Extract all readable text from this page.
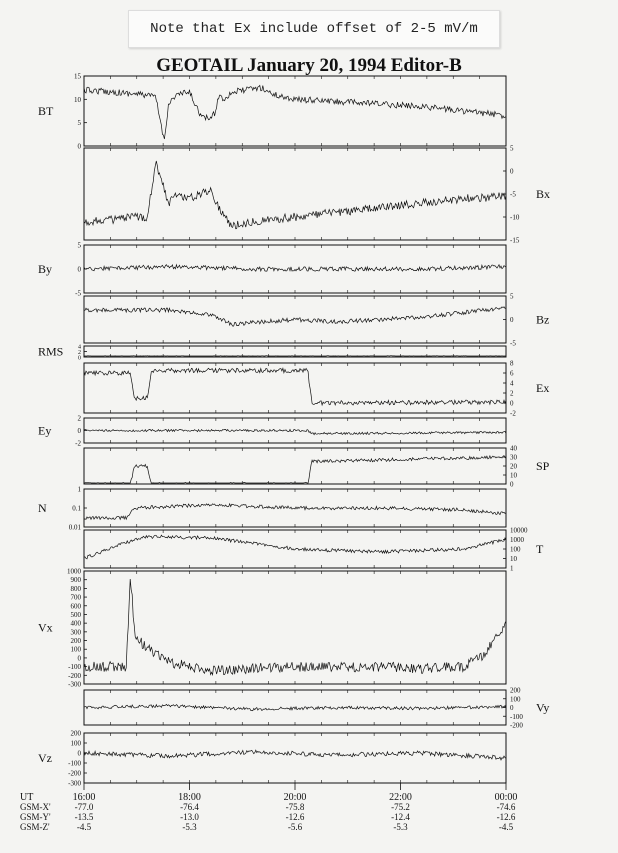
Note that Ex include offset of 2-5 mV/m
GEOTAIL January 20, 1994 Editor-B
15
10
5
0
BT
5
0
-5
-10
-15
Bx
5
0
-5
By
5
0
-5
Bz
4
2
0
RMS
8
6
4
2
0
-2
Ex
2
0
-2
Ey
40
30
20
10
0
SP
1
0.1
0.01
N
10000
1000
100
10
1
T
1000
900
800
700
600
500
400
300
200
100
0
-100
-200
-300
Vx
200
100
0
-100
-200
Vy
200
100
0
-100
-200
-300
Vz
UT	16:00	18:00	20:00	22:00	00:00
GSM-X'	-77.0	-76.4	-75.8	-75.2	-74.6
GSM-Y'	-13.5	-13.0	-12.6	-12.4	-12.6
GSM-Z'	-4.5	-5.3	-5.6	-5.3	-4.5
